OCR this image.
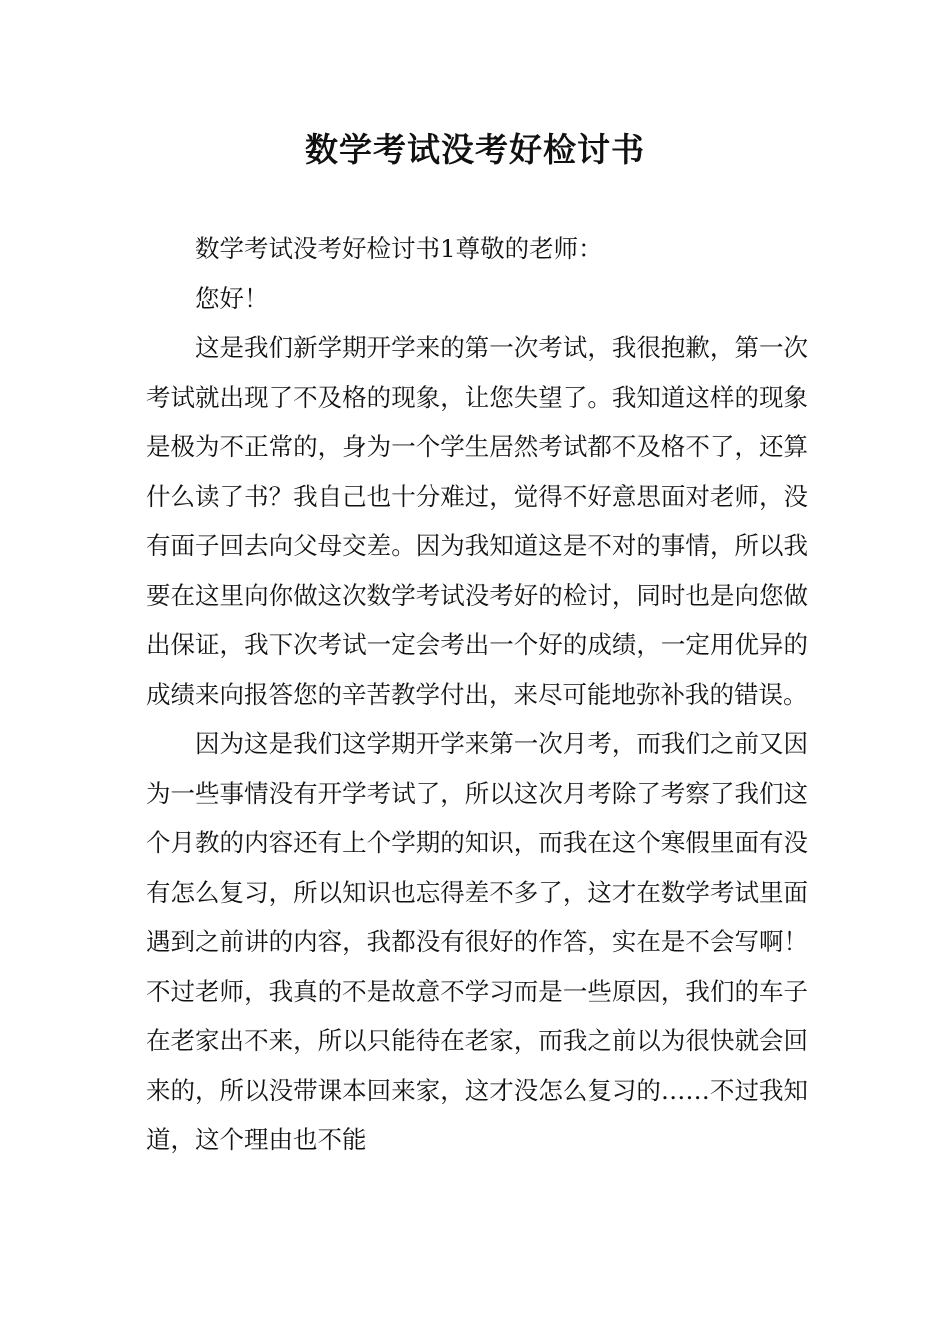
数学考试没考好检讨书

数学考试没考好检讨书1尊敬的老师：

您好！

这是我们新学期开学来的第一次考试，我很抱歉，第一次考试就出现了不及格的现象，让您失望了。我知道这样的现象是极为不正常的，身为一个学生居然考试都不及格不了，还算什么读了书？我自己也十分难过，觉得不好意思面对老师，没有面子回去向父母交差。因为我知道这是不对的事情，所以我要在这里向你做这次数学考试没考好的检讨，同时也是向您做出保证，我下次考试一定会考出一个好的成绩，一定用优异的成绩来向报答您的辛苦教学付出，来尽可能地弥补我的错误。

因为这是我们这学期开学来第一次月考，而我们之前又因为一些事情没有开学考试了，所以这次月考除了考察了我们这个月教的内容还有上个学期的知识，而我在这个寒假里面有没有怎么复习，所以知识也忘得差不多了，这才在数学考试里面遇到之前讲的内容，我都没有很好的作答，实在是不会写啊！不过老师，我真的不是故意不学习而是一些原因，我们的车子在老家出不来，所以只能待在老家，而我之前以为很快就会回来的，所以没带课本回来家，这才没怎么复习的……不过我知道，这个理由也不能
